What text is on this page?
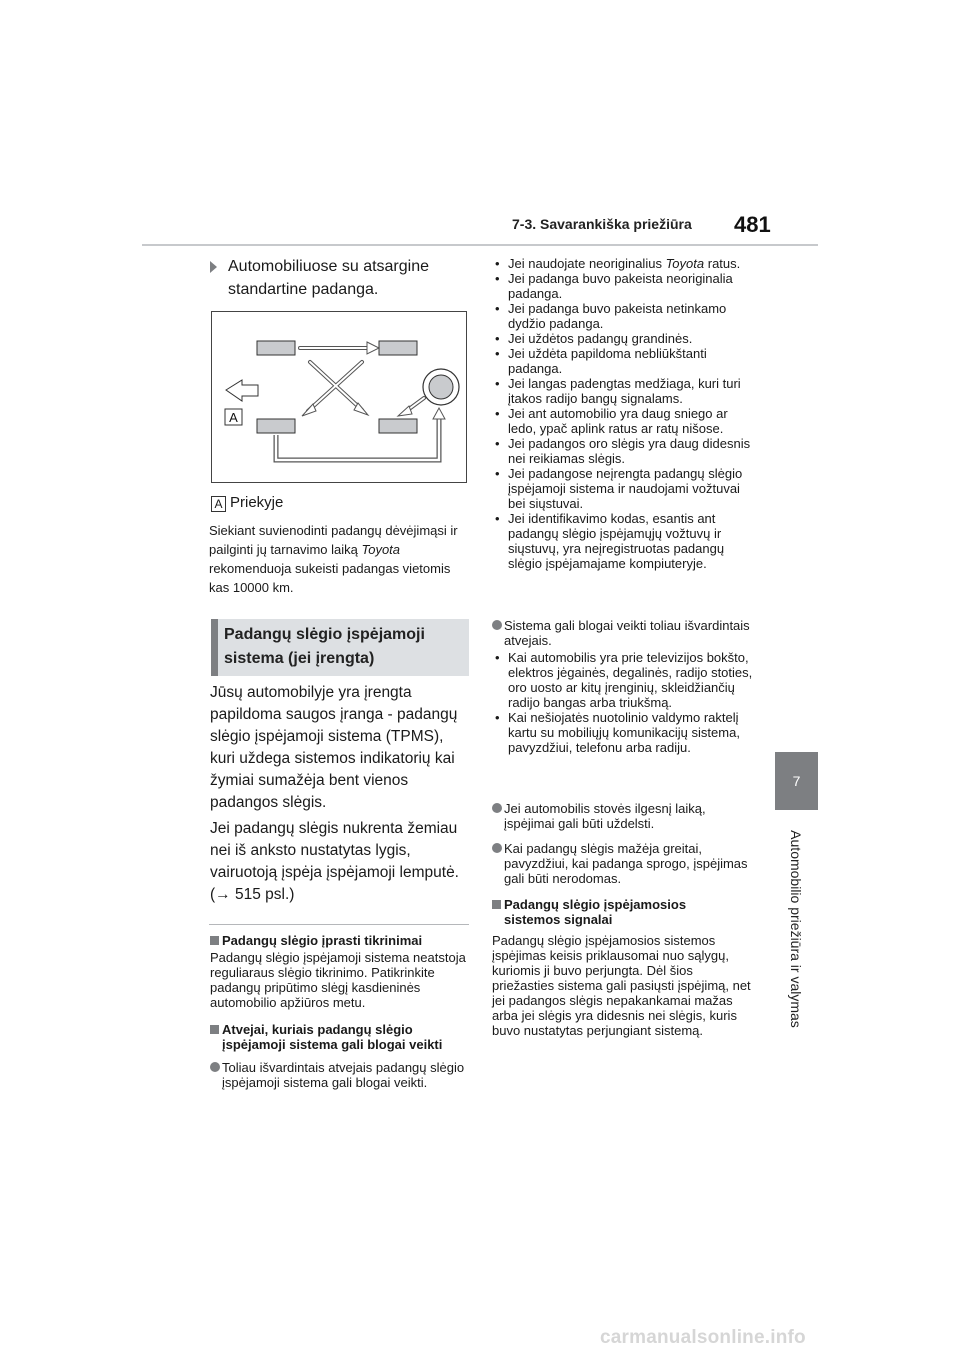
7-3. Savarankiška priežiūra 481
7
Automobilio priežiūra ir valymas
Automobiliuose su atsargine standartine padanga.
A
A Priekyje

Siekiant suvienodinti padangų dėvėjimąsi ir pailginti jų tarnavimo laiką Toyota rekomenduoja sukeisti padangas vietomis kas 10000 km.

Padangų slėgio įspėjamoji sistema (jei įrengta)

Jūsų automobilyje yra įrengta papildoma saugos įranga - padangų slėgio įspėjamoji sistema (TPMS), kuri uždega sistemos indikatorių kai žymiai sumažėja bent vienos padangos slėgis.

Jei padangų slėgis nukrenta žemiau nei iš anksto nustatytas lygis, vairuotoją įspėja įspėjamoji lemputė. (→ 515 psl.)

Padangų slėgio įprasti tikrinimai

Padangų slėgio įspėjamoji sistema neatstoja reguliaraus slėgio tikrinimo. Patikrinkite padangų pripūtimo slėgį kasdieninės automobilio apžiūros metu.

Atvejai, kuriais padangų slėgio
įspėjamoji sistema gali blogai veikti

Toliau išvardintais atvejais padangų slėgio įspėjamoji sistema gali blogai veikti.
• Jei naudojate neoriginalius Toyota ratus.
• Jei padanga buvo pakeista neoriginalia padanga.
• Jei padanga buvo pakeista netinkamo dydžio padanga.
• Jei uždėtos padangų grandinės.
• Jei uždėta papildoma nebliūkštanti padanga.
• Jei langas padengtas medžiaga, kuri turi įtakos radijo bangų signalams.
• Jei ant automobilio yra daug sniego ar ledo, ypač aplink ratus ar ratų nišose.
• Jei padangos oro slėgis yra daug didesnis nei reikiamas slėgis.
• Jei padangose neįrengta padangų slėgio įspėjamoji sistema ir naudojami vožtuvai bei siųstuvai.
• Jei identifikavimo kodas, esantis ant padangų slėgio įspėjamųjų vožtuvų ir siųstuvų, yra neįregistruotas padangų slėgio įspėjamajame kompiuteryje.
Sistema gali blogai veikti toliau išvardintais atvejais.
• Kai automobilis yra prie televizijos bokšto, elektros jėgainės, degalinės, radijo stoties, oro uosto ar kitų įrenginių, skleidžiančių radijo bangas arba triukšmą.
• Kai nešiojatės nuotolinio valdymo raktelį kartu su mobiliųjų komunikacijų sistema, pavyzdžiui, telefonu arba radiju.
Jei automobilis stovės ilgesnį laiką, įspėjimai gali būti uždelsti.
Kai padangų slėgis mažėja greitai, pavyzdžiui, kai padanga sprogo, įspėjimas gali būti nerodomas.

Padangų slėgio įspėjamosios
sistemos signalai

Padangų slėgio įspėjamosios sistemos įspėjimas keisis priklausomai nuo sąlygų, kuriomis ji buvo perjungta. Dėl šios priežasties sistema gali pasiųsti įspėjimą, net jei padangos slėgis nepakankamai mažas arba jei slėgis yra didesnis nei slėgis, kuris buvo nustatytas perjungiant sistemą.

carmanualsonline.info
